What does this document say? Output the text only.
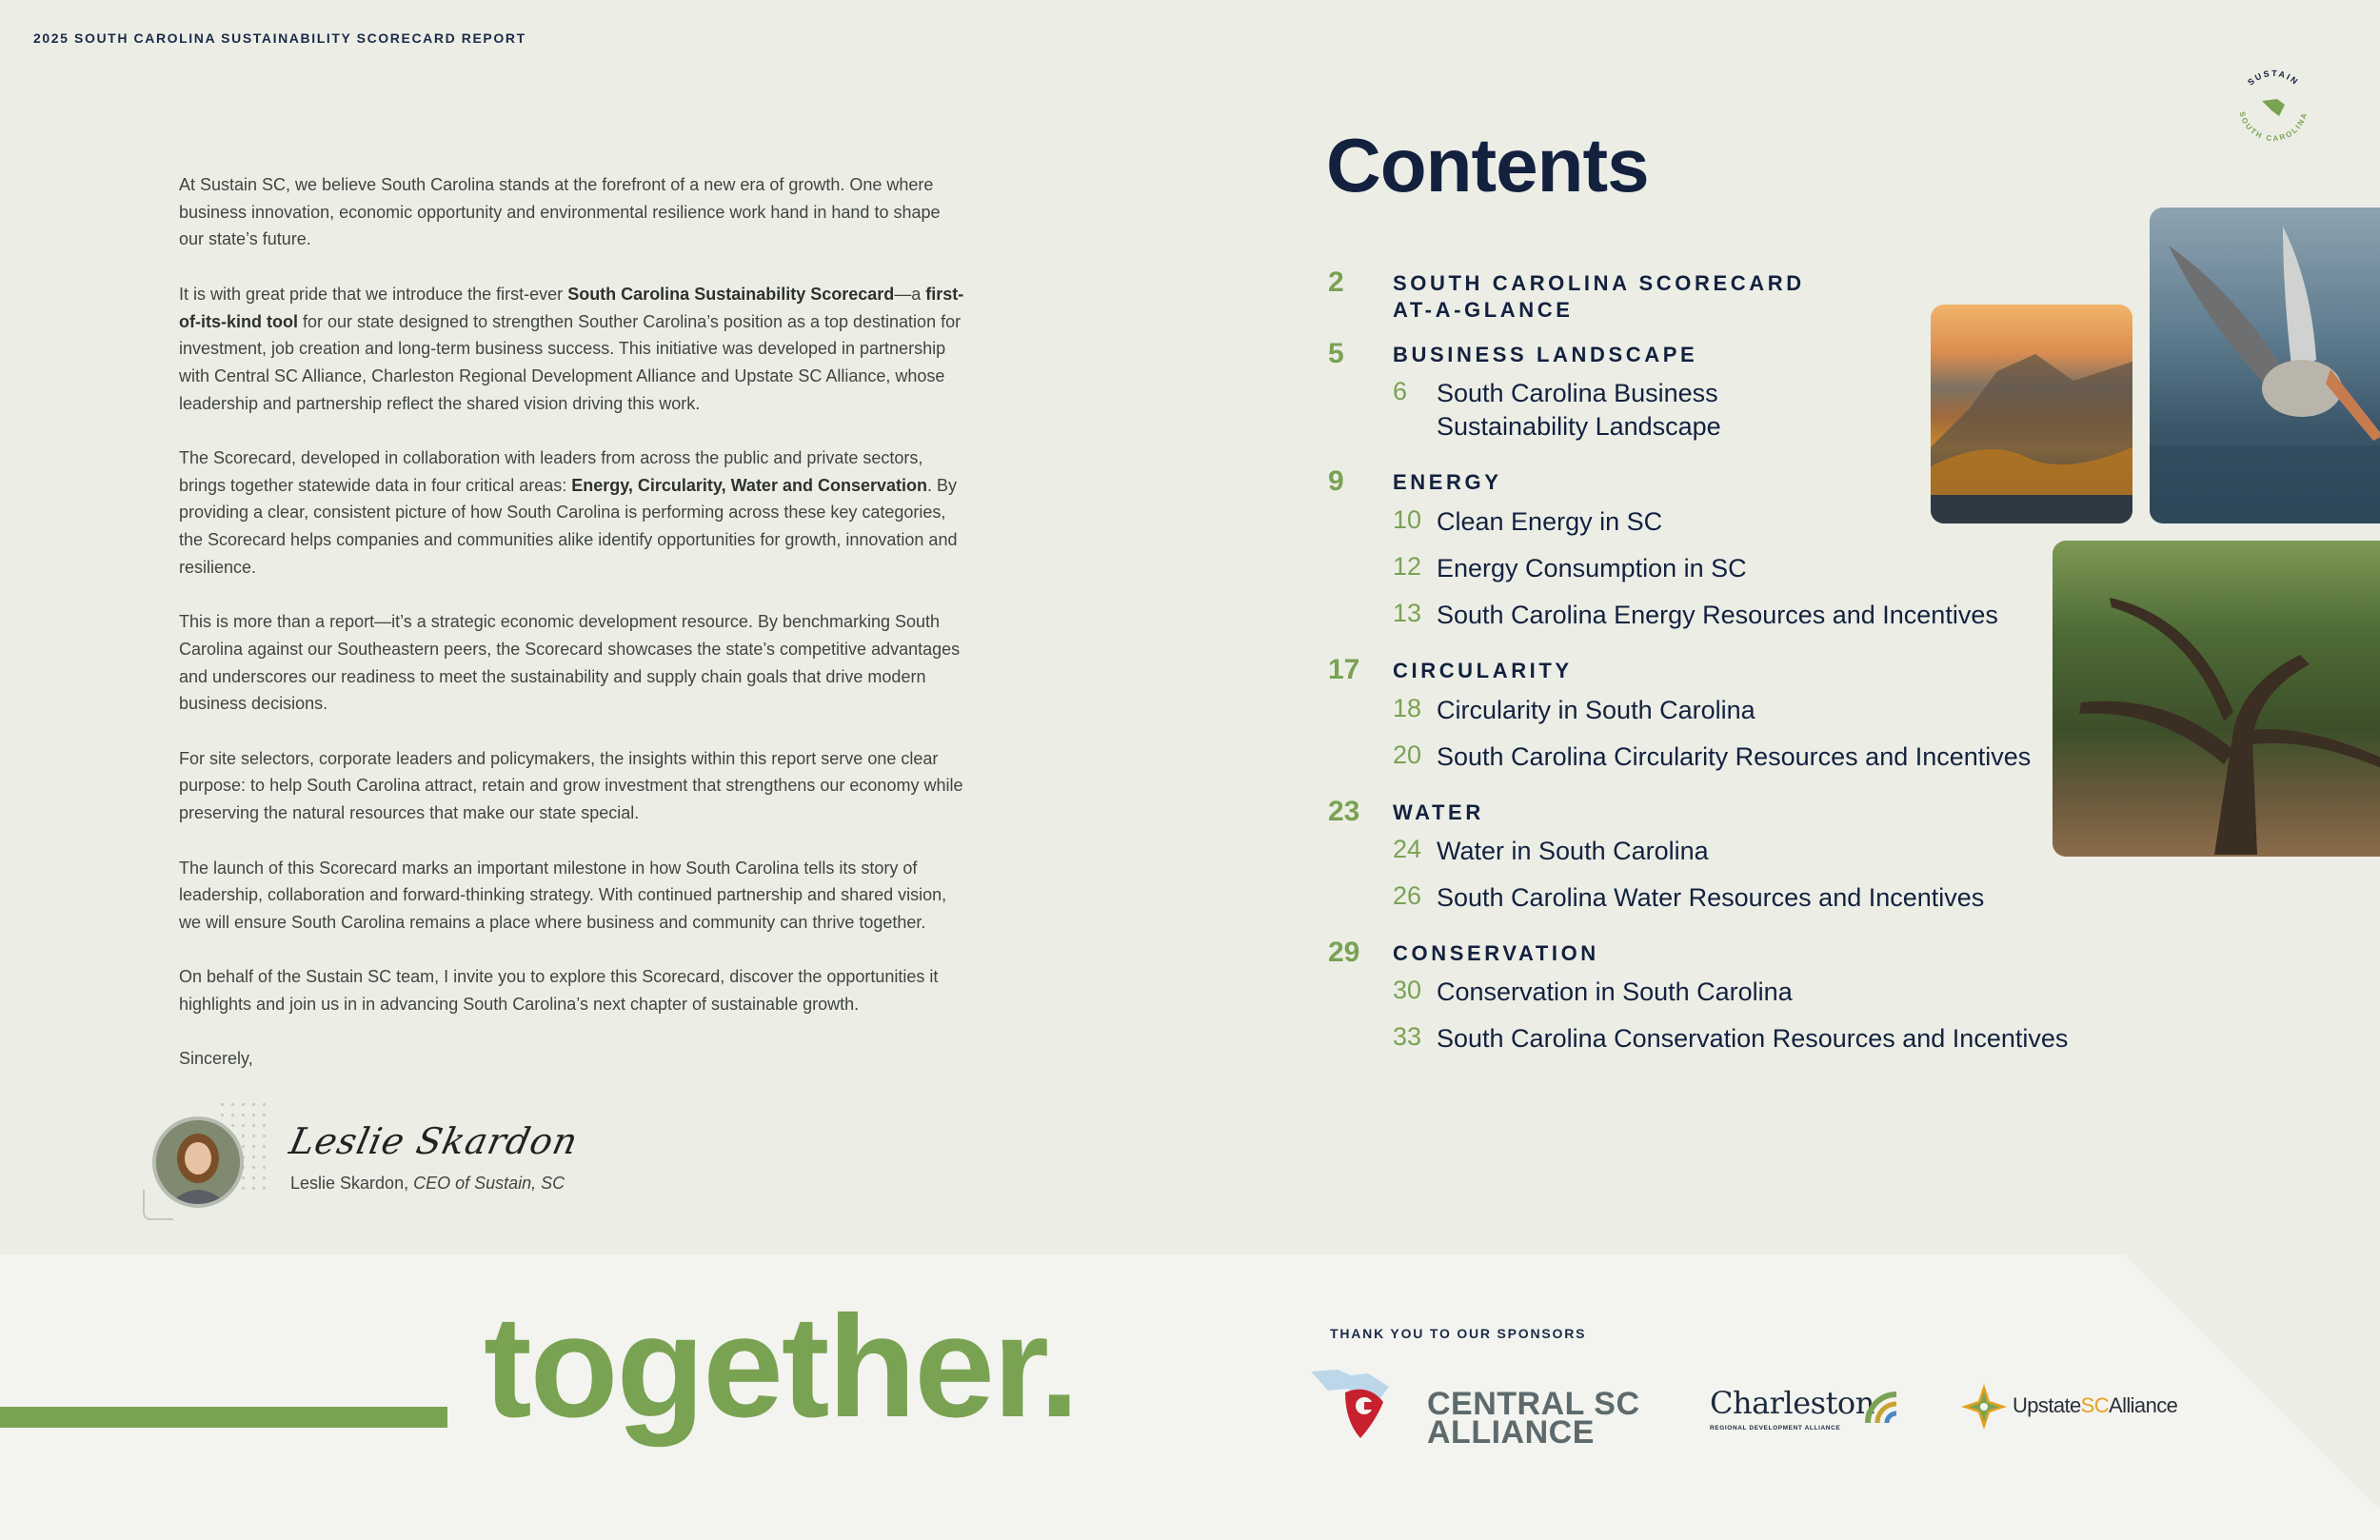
2025 SOUTH CAROLINA SUSTAINABILITY SCORECARD REPORT

At Sustain SC, we believe South Carolina stands at the forefront of a new era of growth. One where business innovation, economic opportunity and environmental resilience work hand in hand to shape our state’s future.

It is with great pride that we introduce the first-ever South Carolina Sustainability Scorecard—a first-of-its-kind tool for our state designed to strengthen Souther Carolina’s position as a top destination for investment, job creation and long-term business success. This initiative was developed in partnership with Central SC Alliance, Charleston Regional Development Alliance and Upstate SC Alliance, whose leadership and partnership reflect the shared vision driving this work.

The Scorecard, developed in collaboration with leaders from across the public and private sectors, brings together statewide data in four critical areas: Energy, Circularity, Water and Conservation. By providing a clear, consistent picture of how South Carolina is performing across these key categories, the Scorecard helps companies and communities alike identify opportunities for growth, innovation and resilience.

This is more than a report—it’s a strategic economic development resource. By benchmarking South Carolina against our Southeastern peers, the Scorecard showcases the state’s competitive advantages and underscores our readiness to meet the sustainability and supply chain goals that drive modern business decisions.

For site selectors, corporate leaders and policymakers, the insights within this report serve one clear purpose: to help South Carolina attract, retain and grow investment that strengthens our economy while preserving the natural resources that make our state special.

The launch of this Scorecard marks an important milestone in how South Carolina tells its story of leadership, collaboration and forward-thinking strategy. With continued partnership and shared vision, we will ensure South Carolina remains a place where business and community can thrive together.

On behalf of the Sustain SC team, I invite you to explore this Scorecard, discover the opportunities it highlights and join us in in advancing South Carolina’s next chapter of sustainable growth.

Sincerely,

Leslie Skardon
Leslie Skardon, CEO of Sustain, SC
Contents
2 SOUTH CAROLINA SCORECARD
AT-A-GLANCE
5 BUSINESS LANDSCAPE
6 South Carolina Business
Sustainability Landscape
9 ENERGY
10 Clean Energy in SC
12 Energy Consumption in SC
13 South Carolina Energy Resources and Incentives
17 CIRCULARITY
18 Circularity in South Carolina
20 South Carolina Circularity Resources and Incentives
23 WATER
24 Water in South Carolina
26 South Carolina Water Resources and Incentives
29 CONSERVATION
30 Conservation in South Carolina
33 South Carolina Conservation Resources and Incentives
SUSTAIN
SOUTH CAROLINA
together.	THANK YOU TO OUR SPONSORS
CENTRAL SC
ALLIANCE
Charleston
REGIONAL DEVELOPMENT ALLIANCE
UpstateSCAlliance
